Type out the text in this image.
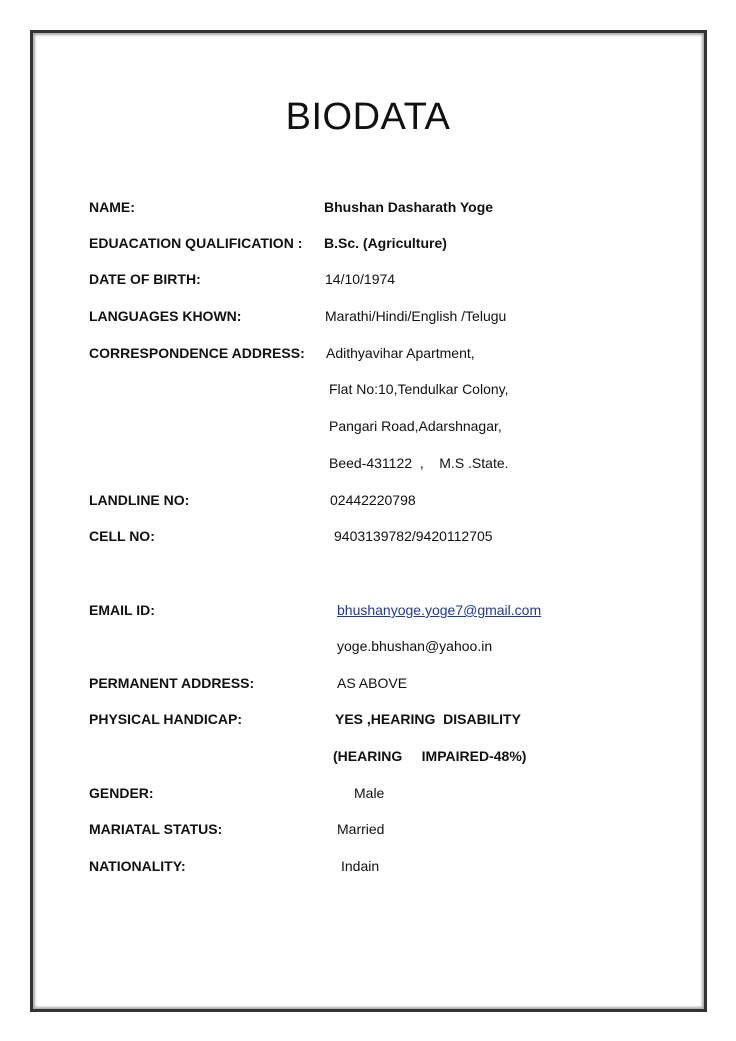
BIODATA
NAME:	Bhushan Dasharath Yoge
EDUACATION QUALIFICATION : B.Sc. (Agriculture)
DATE OF BIRTH:	14/10/1974
LANGUAGES KHOWN:	Marathi/Hindi/English /Telugu
CORRESPONDENCE ADDRESS: Adithyavihar Apartment,
Flat No:10,Tendulkar Colony,
Pangari Road,Adarshnagar,
Beed-431122  ,    M.S .State.
LANDLINE NO:	02442220798
CELL NO:	9403139782/9420112705
EMAIL ID:	bhushanyoge.yoge7@gmail.com
yoge.bhushan@yahoo.in
PERMANENT ADDRESS:	AS ABOVE
PHYSICAL HANDICAP:	YES ,HEARING  DISABILITY
(HEARING     IMPAIRED-48%)
GENDER:	Male
MARIATAL STATUS:	Married
NATIONALITY:	Indain
